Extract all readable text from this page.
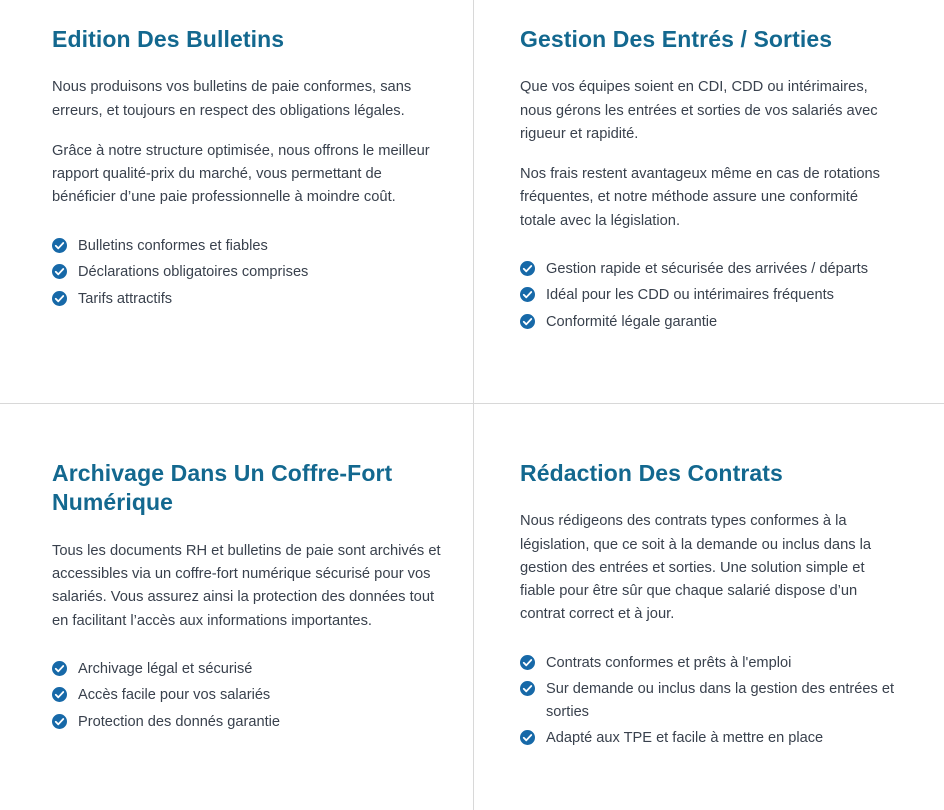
Edition Des Bulletins

Nous produisons vos bulletins de paie conformes, sans erreurs, et toujours en respect des obligations légales.

Grâce à notre structure optimisée, nous offrons le meilleur rapport qualité-prix du marché, vous permettant de bénéficier d’une paie professionnelle à moindre coût.

Bulletins conformes et fiables
Déclarations obligatoires comprises
Tarifs attractifs
Gestion Des Entrés / Sorties

Que vos équipes soient en CDI, CDD ou intérimaires, nous gérons les entrées et sorties de vos salariés avec rigueur et rapidité.

Nos frais restent avantageux même en cas de rotations fréquentes, et notre méthode assure une conformité totale avec la législation.

Gestion rapide et sécurisée des arrivées / départs
Idéal pour les CDD ou intérimaires fréquents
Conformité légale garantie
Archivage Dans Un Coffre-Fort Numérique

Tous les documents RH et bulletins de paie sont archivés et accessibles via un coffre-fort numérique sécurisé pour vos salariés. Vous assurez ainsi la protection des données tout en facilitant l’accès aux informations importantes.

Archivage légal et sécurisé
Accès facile pour vos salariés
Protection des donnés garantie
Rédaction Des Contrats

Nous rédigeons des contrats types conformes à la législation, que ce soit à la demande ou inclus dans la gestion des entrées et sorties. Une solution simple et fiable pour être sûr que chaque salarié dispose d’un contrat correct et à jour.

Contrats conformes et prêts à l'emploi
Sur demande ou inclus dans la gestion des entrées et sorties
Adapté aux TPE et facile à mettre en place
